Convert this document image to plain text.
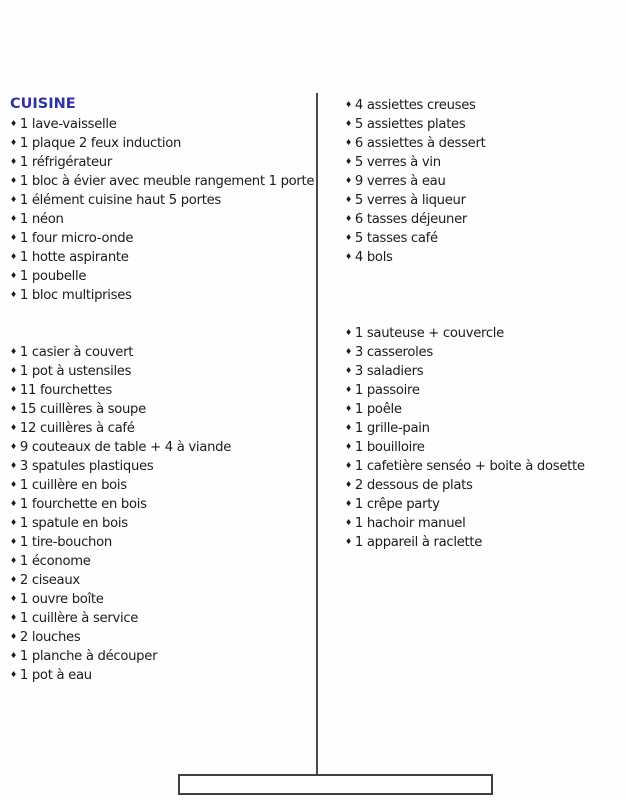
CUISINE
♦ 1 lave-vaisselle
♦ 1 plaque 2 feux induction
♦ 1 réfrigérateur
♦ 1 bloc à évier avec meuble rangement 1 porte
♦ 1 élément cuisine haut 5 portes
♦ 1 néon
♦ 1 four micro-onde
♦ 1 hotte aspirante
♦ 1 poubelle
♦ 1 bloc multiprises
♦ 1 casier à couvert
♦ 1 pot à ustensiles
♦ 11 fourchettes
♦ 15 cuillères à soupe
♦ 12 cuillères à café
♦ 9 couteaux de table + 4 à viande
♦ 3 spatules plastiques
♦ 1 cuillère en bois
♦ 1 fourchette en bois
♦ 1 spatule en bois
♦ 1 tire-bouchon
♦ 1 économe
♦ 2 ciseaux
♦ 1 ouvre boîte
♦ 1 cuillère à service
♦ 2 louches
♦ 1 planche à découper
♦ 1 pot à eau
♦ 4 assiettes creuses
♦ 5 assiettes plates
♦ 6 assiettes à dessert
♦ 5 verres à vin
♦ 9 verres à eau
♦ 5 verres à liqueur
♦ 6 tasses déjeuner
♦ 5 tasses café
♦ 4 bols
♦ 1 sauteuse + couvercle
♦ 3 casseroles
♦ 3 saladiers
♦ 1 passoire
♦ 1 poêle
♦ 1 grille-pain
♦ 1 bouilloire
♦ 1 cafetière senséo + boite à dosette
♦ 2 dessous de plats
♦ 1 crêpe party
♦ 1 hachoir manuel
♦ 1 appareil à raclette
